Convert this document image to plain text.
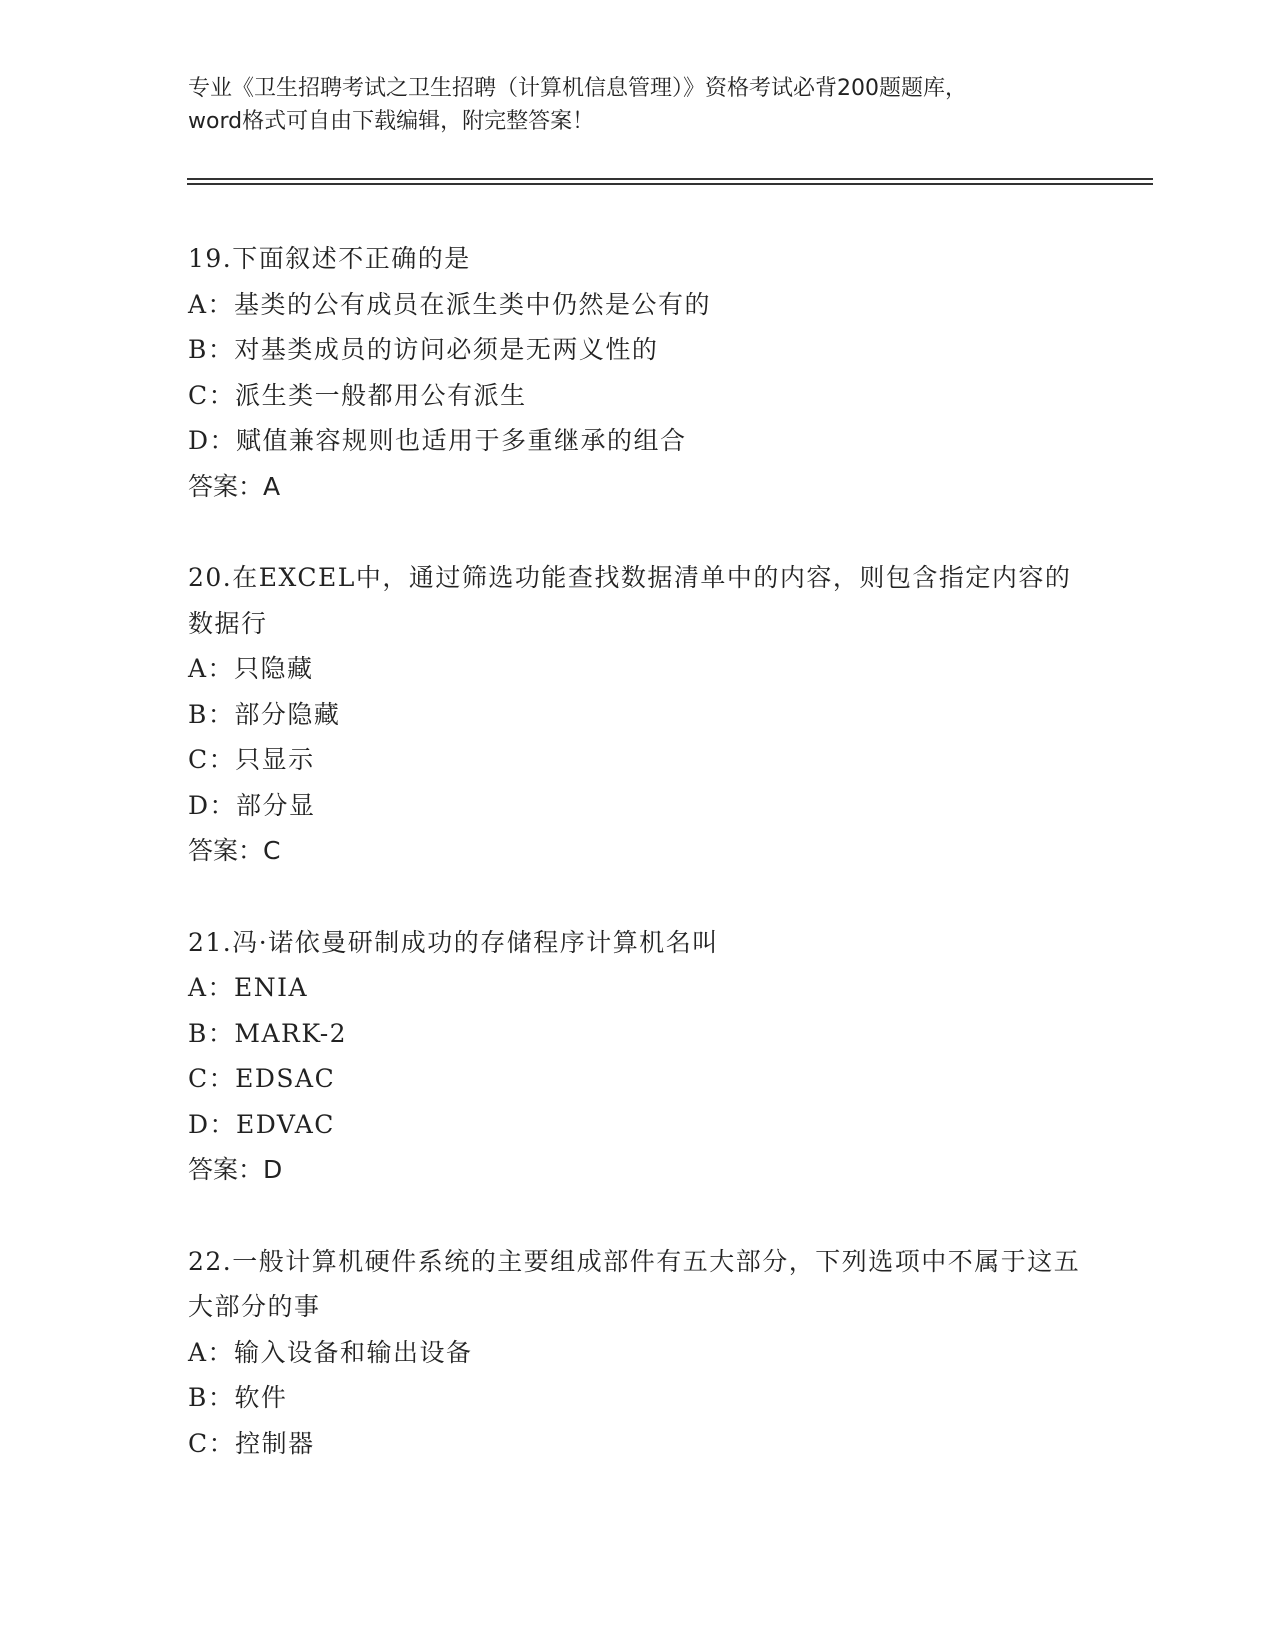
专业《卫生招聘考试之卫生招聘（计算机信息管理）》资格考试必背200题题库，
word格式可自由下载编辑，附完整答案！
19.下面叙述不正确的是
A：基类的公有成员在派生类中仍然是公有的
B：对基类成员的访问必须是无两义性的
C：派生类一般都用公有派生
D：赋值兼容规则也适用于多重继承的组合
答案：A
20.在EXCEL中，通过筛选功能查找数据清单中的内容，则包含指定内容的数据行
A：只隐藏
B：部分隐藏
C：只显示
D：部分显
答案：C
21.冯·诺依曼研制成功的存储程序计算机名叫
A：ENIA
B：MARK-2
C：EDSAC
D：EDVAC
答案：D
22.一般计算机硬件系统的主要组成部件有五大部分，下列选项中不属于这五大部分的事
A：输入设备和输出设备
B：软件
C：控制器
